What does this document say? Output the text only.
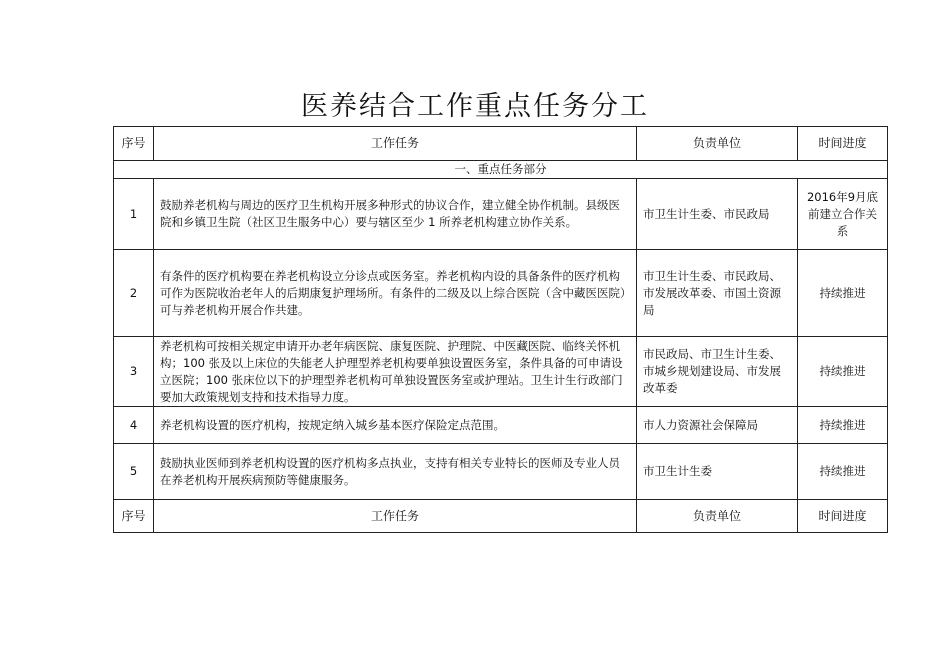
医养结合工作重点任务分工
序号	工作任务	负责单位	时间进度
一、重点任务部分			
1	鼓励养老机构与周边的医疗卫生机构开展多种形式的协议合作，建立健全协作机制。县级医院和乡镇卫生院（社区卫生服务中心）要与辖区至少 1 所养老机构建立协作关系。	市卫生计生委、市民政局	2016年9月底前建立合作关系
2	有条件的医疗机构要在养老机构设立分诊点或医务室。养老机构内设的具备条件的医疗机构可作为医院收治老年人的后期康复护理场所。有条件的二级及以上综合医院（含中藏医医院）可与养老机构开展合作共建。	市卫生计生委、市民政局、市发展改革委、市国土资源局	持续推进
3	养老机构可按相关规定申请开办老年病医院、康复医院、护理院、中医藏医院、临终关怀机构；100 张及以上床位的失能老人护理型养老机构要单独设置医务室，条件具备的可申请设立医院；100 张床位以下的护理型养老机构可单独设置医务室或护理站。卫生计生行政部门要加大政策规划支持和技术指导力度。	市民政局、市卫生计生委、市城乡规划建设局、市发展改革委	持续推进
4	养老机构设置的医疗机构，按规定纳入城乡基本医疗保险定点范围。	市人力资源社会保障局	持续推进
5	鼓励执业医师到养老机构设置的医疗机构多点执业，支持有相关专业特长的医师及专业人员在养老机构开展疾病预防等健康服务。	市卫生计生委	持续推进
序号	工作任务	负责单位	时间进度
